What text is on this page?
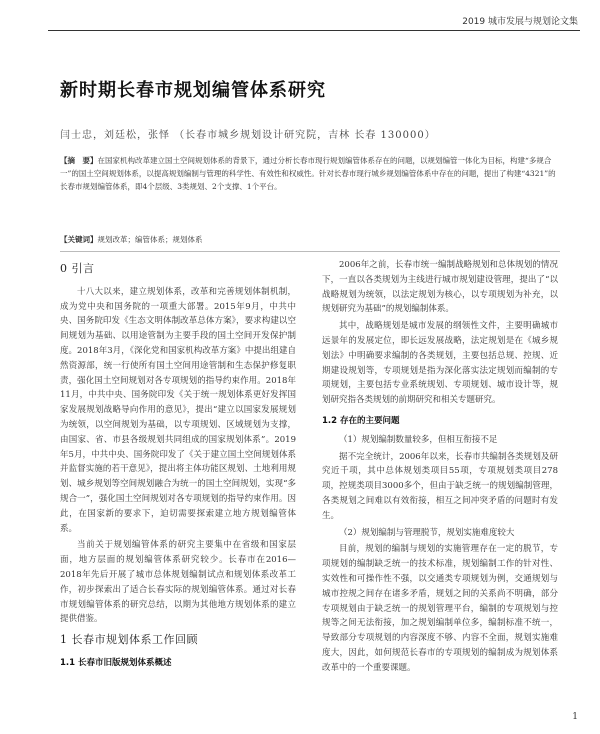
2019 城市发展与规划论文集
新时期长春市规划编管体系研究
闫士忠，刘廷松，张怿 （长春市城乡规划设计研究院，吉林 长春 130000）
【摘　要】在国家机构改革建立国土空间规划体系的背景下，通过分析长春市现行规划编管体系存在的问题，以规划编管一体化为目标，构建“多规合一”的国土空间规划体系，以提高规划编制与管理的科学性、有效性和权威性。针对长春市现行城乡规划编管体系中存在的问题，提出了构建“4321”的长春市规划编管体系，即4个层级、3类规划、2个支撑、1个平台。
【关键词】规划改革；编管体系；规划体系
0 引言

十八大以来，建立规划体系，改革和完善规划体制机制，成为党中央和国务院的一项重大部署。2015年9月，中共中央、国务院印发《生态文明体制改革总体方案》，要求构建以空间规划为基础、以用途管制为主要手段的国土空间开发保护制度。2018年3月，《深化党和国家机构改革方案》中提出组建自然资源部，统一行使所有国土空间用途管制和生态保护修复职责，强化国土空间规划对各专项规划的指导约束作用。2018年11月，中共中央、国务院印发《关于统一规划体系更好发挥国家发展规划战略导向作用的意见》，提出“建立以国家发展规划为统领，以空间规划为基础，以专项规划、区域规划为支撑，由国家、省、市县各级规划共同组成的国家规划体系”。2019年5月，中共中央、国务院印发了《关于建立国土空间规划体系并监督实施的若干意见》，提出将主体功能区规划、土地利用规划、城乡规划等空间规划融合为统一的国土空间规划，实现“多规合一”，强化国土空间规划对各专项规划的指导约束作用。因此，在国家新的要求下，迫切需要探索建立地方规划编管体系。

当前关于规划编管体系的研究主要集中在省级和国家层面，地方层面的规划编管体系研究较少。长春市在2016—2018年先后开展了城市总体规划编制试点和规划体系改革工作，初步探索出了适合长春实际的规划编管体系。通过对长春市规划编管体系的研究总结，以期为其他地方规划体系的建立提供借鉴。

1 长春市规划体系工作回顾
1.1 长春市旧版规划体系概述

2006年之前，长春市统一编制战略规划和总体规划的情况下，一直以各类规划为主线进行城市规划建设管理，提出了“以战略规划为统领，以法定规划为核心，以专项规划为补充，以规划研究为基础”的规划编制体系。

其中，战略规划是城市发展的纲领性文件，主要明确城市远景年的发展定位，即长远发展战略，法定规划是在《城乡规划法》中明确要求编制的各类规划，主要包括总规、控规、近期建设规划等，专项规划是指为深化落实法定规划而编制的专项规划，主要包括专业系统规划、专项规划、城市设计等，规划研究指各类规划的前期研究和相关专题研究。

1.2 存在的主要问题

（1）规划编制数量较多，但相互衔接不足

据不完全统计，2006年以来，长春市共编制各类规划及研究近千项，其中总体规划类项目55项，专项规划类项目278项，控规类项目3000多个，但由于缺乏统一的规划编制管理，各类规划之间难以有效衔接，相互之间冲突矛盾的问题时有发生。

（2）规划编制与管理脱节，规划实施难度较大

目前，规划的编制与规划的实施管理存在一定的脱节，专项规划的编制缺乏统一的技术标准，规划编制工作的针对性、实效性和可操作性不强，以交通类专项规划为例，交通规划与城市控规之间存在诸多矛盾，规划之间的关系尚不明确，部分专项规划由于缺乏统一的规划管理平台，编制的专项规划与控规等之间无法衔接，加之规划编制单位多，编制标准不统一，导致部分专项规划的内容深度不够、内容不全面，规划实施难度大，因此，如何规范长春市的专项规划的编制成为规划体系改革中的一个重要课题。

1
